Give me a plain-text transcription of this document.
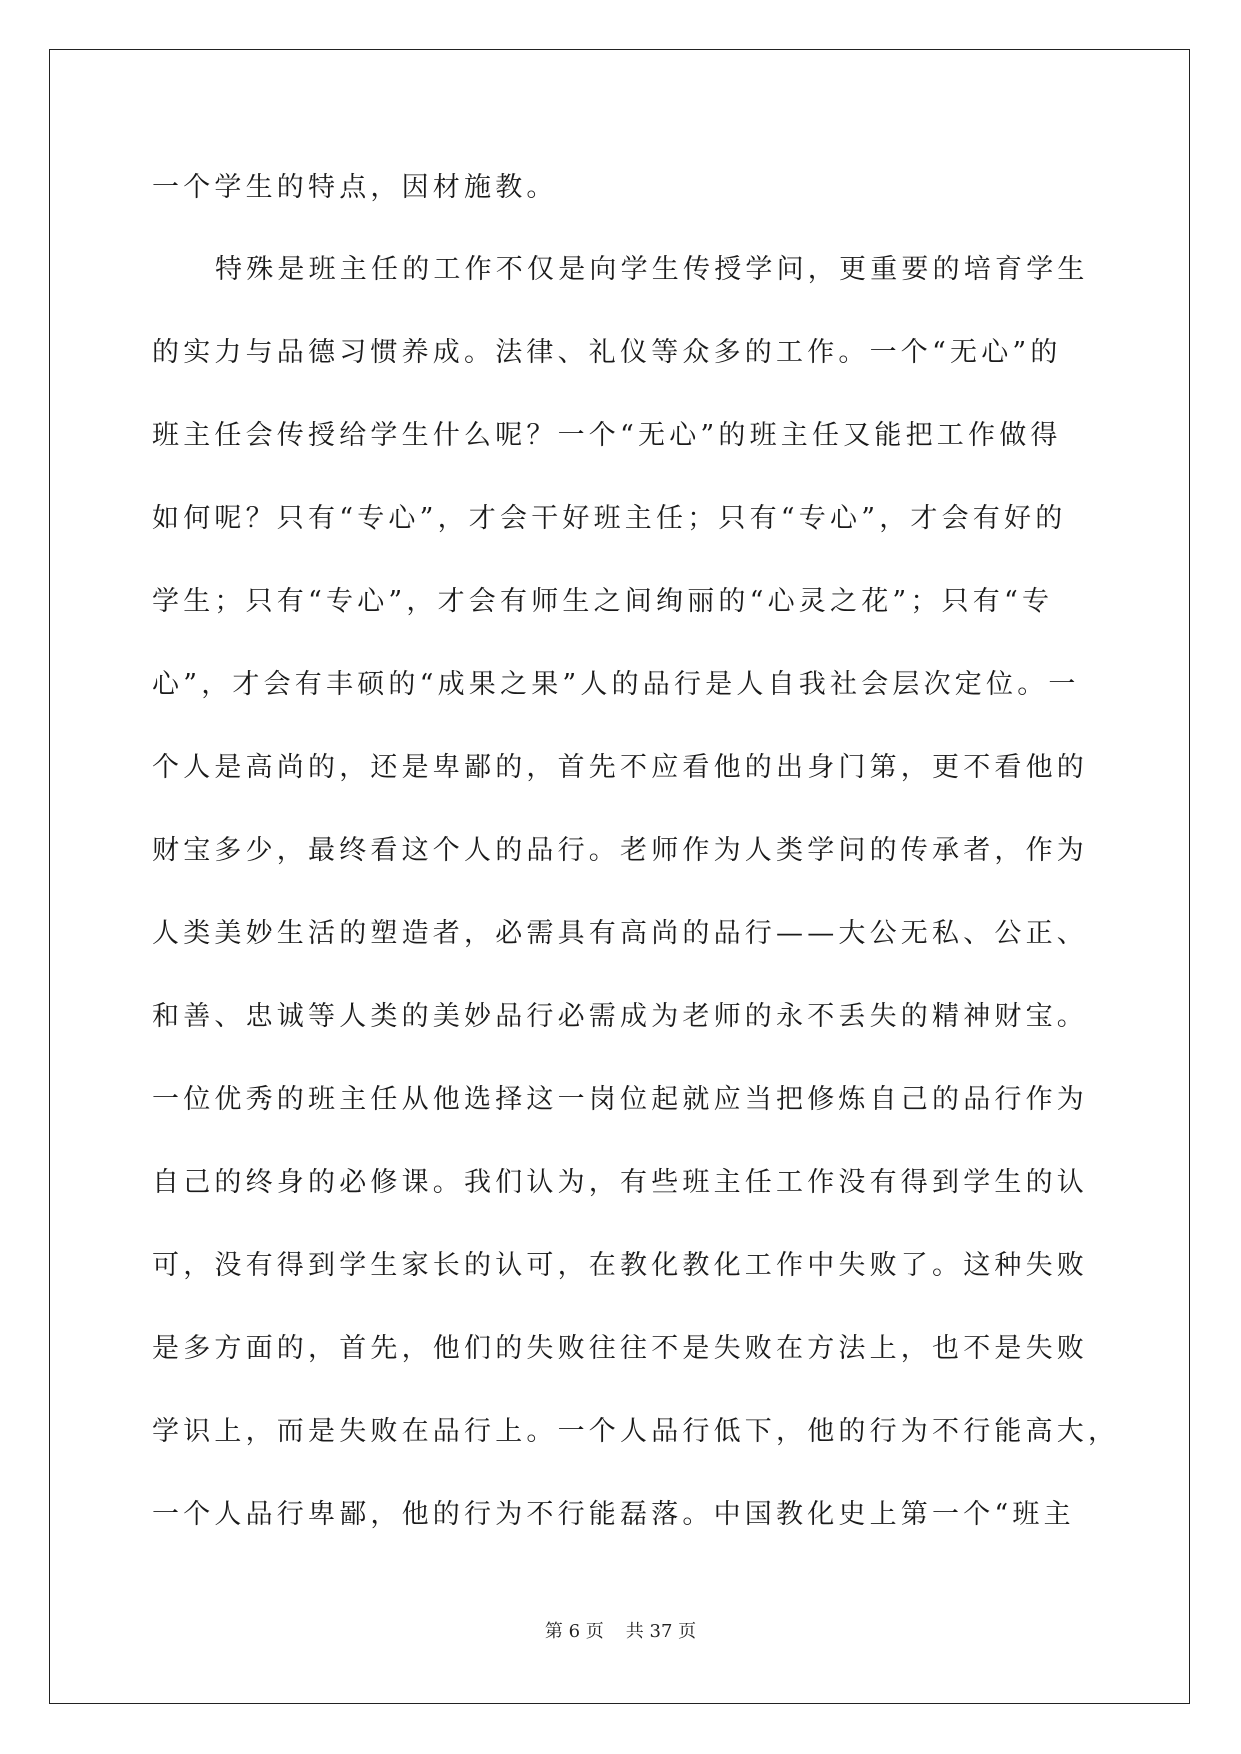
一个学生的特点，因材施教。

特殊是班主任的工作不仅是向学生传授学问，更重要的培育学生

的实力与品德习惯养成。法律、礼仪等众多的工作。一个“无心”的

班主任会传授给学生什么呢？一个“无心”的班主任又能把工作做得

如何呢？只有“专心”，才会干好班主任；只有“专心”，才会有好的

学生；只有“专心”，才会有师生之间绚丽的“心灵之花”；只有“专

心”，才会有丰硕的“成果之果”人的品行是人自我社会层次定位。一

个人是高尚的，还是卑鄙的，首先不应看他的出身门第，更不看他的

财宝多少，最终看这个人的品行。老师作为人类学问的传承者，作为

人类美妙生活的塑造者，必需具有高尚的品行——大公无私、公正、

和善、忠诚等人类的美妙品行必需成为老师的永不丢失的精神财宝。

一位优秀的班主任从他选择这一岗位起就应当把修炼自己的品行作为

自己的终身的必修课。我们认为，有些班主任工作没有得到学生的认

可，没有得到学生家长的认可，在教化教化工作中失败了。这种失败

是多方面的，首先，他们的失败往往不是失败在方法上，也不是失败

学识上，而是失败在品行上。一个人品行低下，他的行为不行能高大，

一个人品行卑鄙，他的行为不行能磊落。中国教化史上第一个“班主

第 6 页 共 37 页
